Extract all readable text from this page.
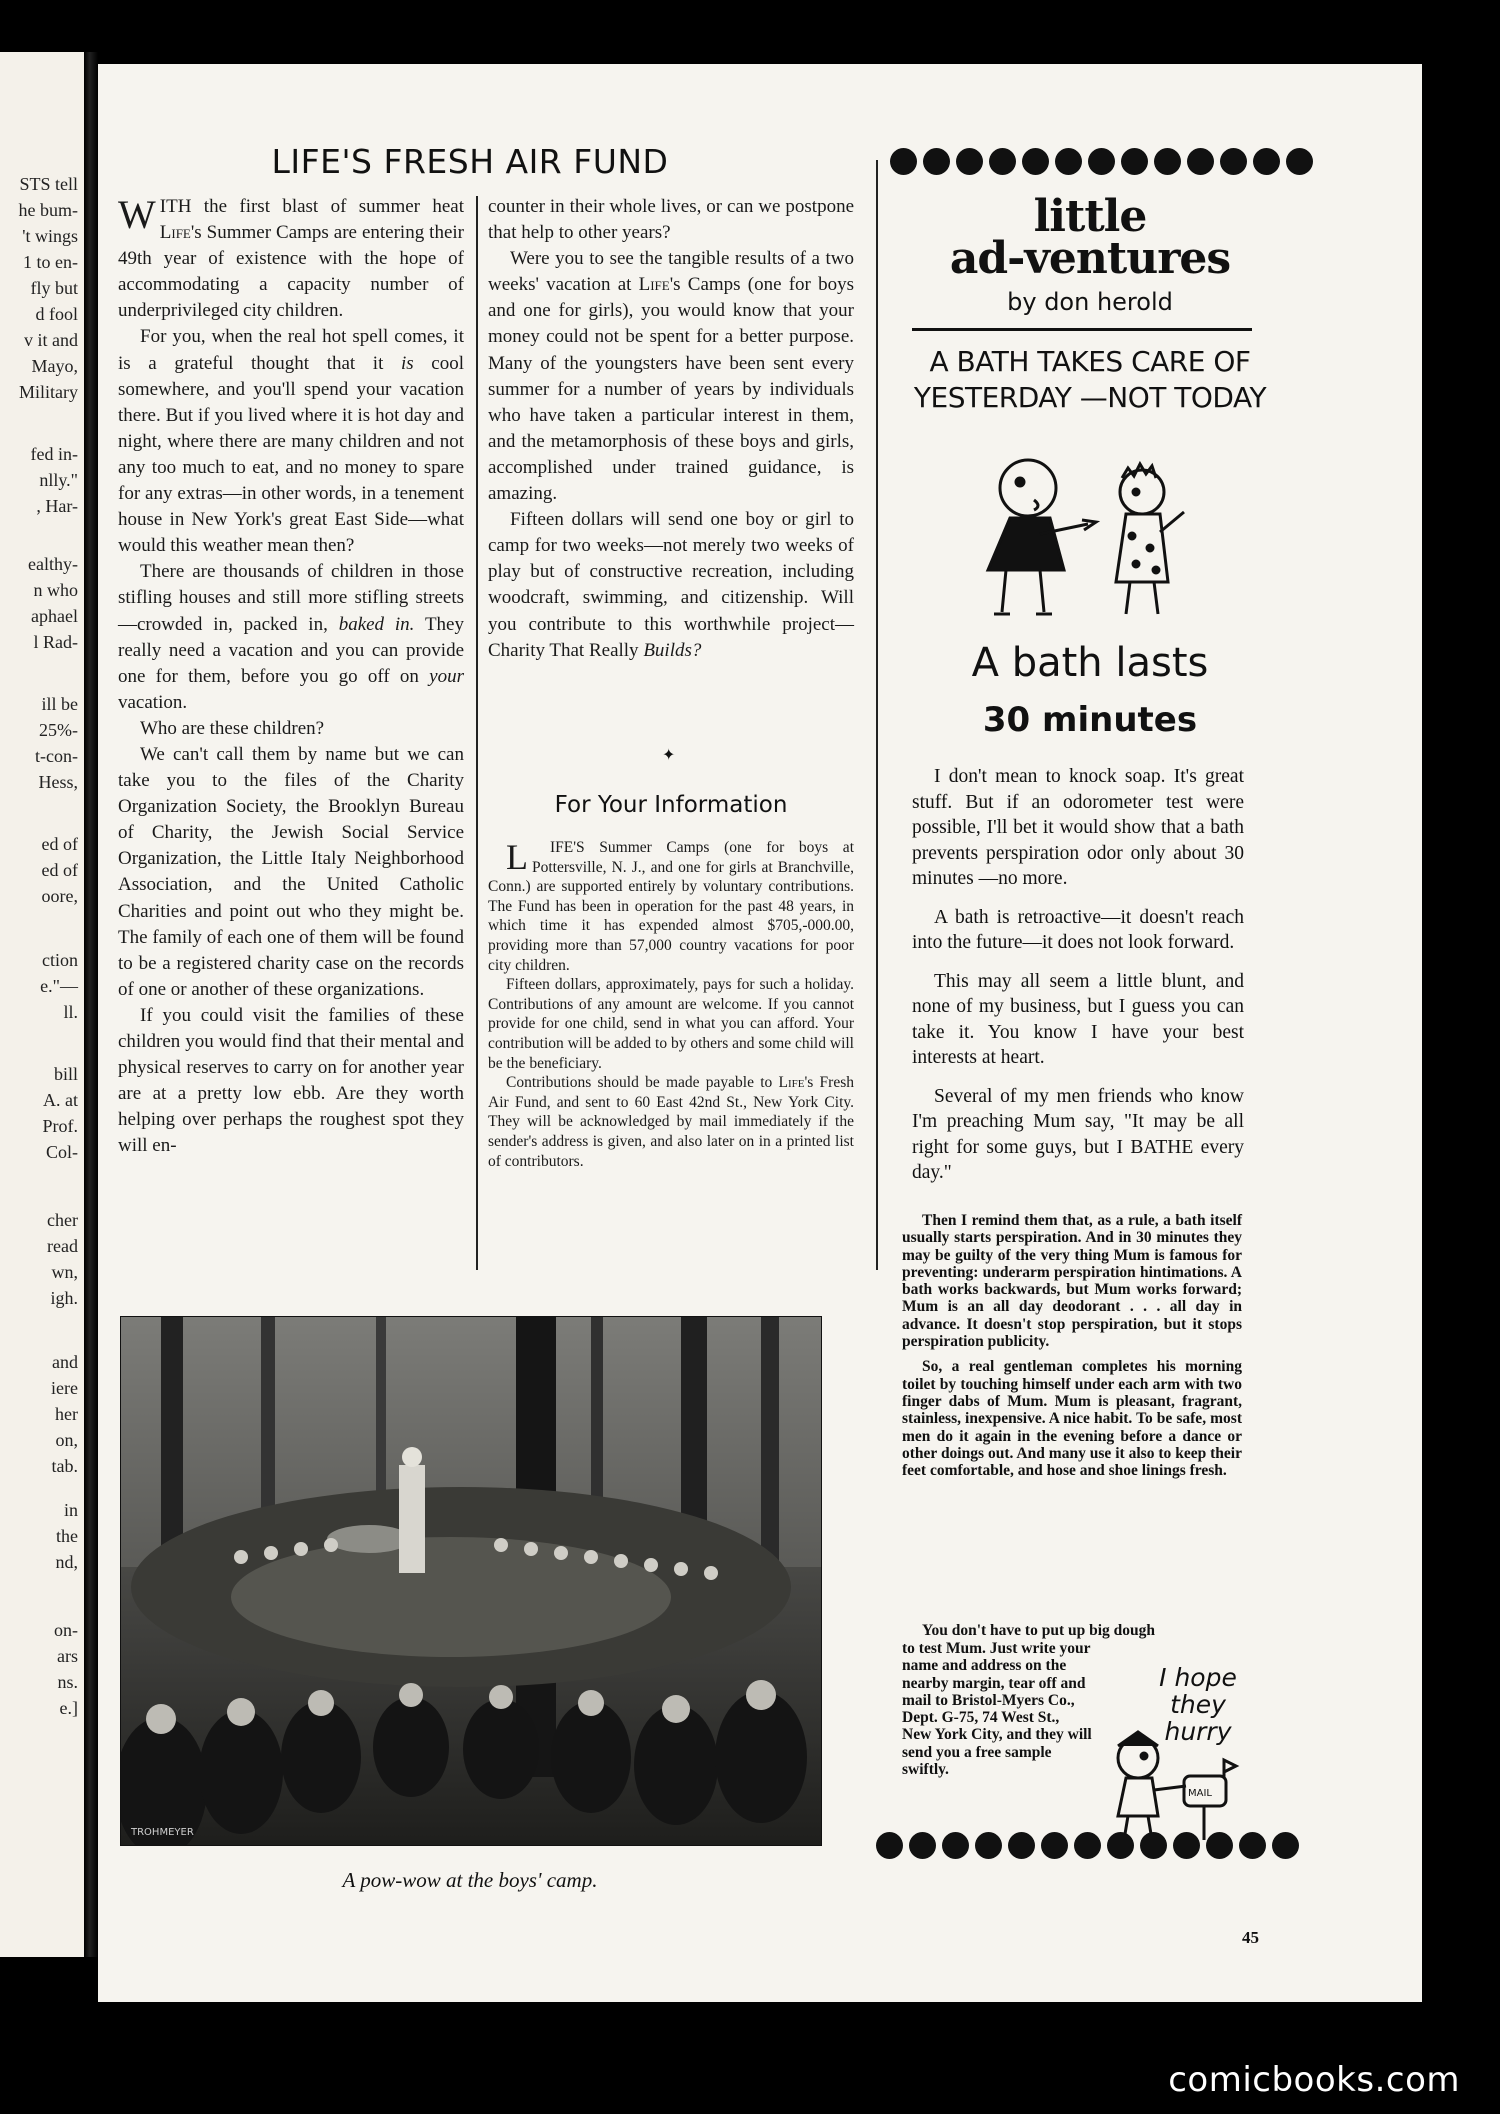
STS tell
he bum-
't wings
1 to en-
fly but
d fool
v it and
Mayo,
Military
fed in-
nlly."
, Har-
ealthy-
n who
aphael
l Rad-
ill be
25%-
t-con-
Hess,
ed of
ed of
oore,
ction
e."—
ll.
bill
A. at
Prof.
Col-
cher
read
wn,
igh.
and
iere
her
on,
tab.
in
the
nd,
on-
ars
ns.
e.]
LIFE'S FRESH AIR FUND

WITH the first blast of summer heat Life's Summer Camps are entering their 49th year of existence with the hope of accommodating a capacity number of underprivileged city children.

For you, when the real hot spell comes, it is a grateful thought that it is cool somewhere, and you'll spend your vacation there. But if you lived where it is hot day and night, where there are many children and not any too much to eat, and no money to spare for any extras—in other words, in a tenement house in New York's great East Side—what would this weather mean then?

There are thousands of children in those stifling houses and still more stifling streets—crowded in, packed in, baked in. They really need a vacation and you can provide one for them, before you go off on your vacation.

Who are these children?

We can't call them by name but we can take you to the files of the Charity Organization Society, the Brooklyn Bureau of Charity, the Jewish Social Service Organization, the Little Italy Neighborhood Association, and the United Catholic Charities and point out who they might be. The family of each one of them will be found to be a registered charity case on the records of one or another of these organizations.

If you could visit the families of these children you would find that their mental and physical reserves to carry on for another year are at a pretty low ebb. Are they worth helping over perhaps the roughest spot they will en-

counter in their whole lives, or can we postpone that help to other years?

Were you to see the tangible results of a two weeks' vacation at Life's Camps (one for boys and one for girls), you would know that your money could not be spent for a better purpose. Many of the youngsters have been sent every summer for a number of years by individuals who have taken a particular interest in them, and the metamorphosis of these boys and girls, accomplished under trained guidance, is amazing.

Fifteen dollars will send one boy or girl to camp for two weeks—not merely two weeks of play but of constructive recreation, including woodcraft, swimming, and citizenship. Will you contribute to this worthwhile project—Charity That Really Builds?

✦
For Your Information

L IFE'S Summer Camps (one for boys at Pottersville, N. J., and one for girls at Branchville, Conn.) are supported entirely by voluntary contributions. The Fund has been in operation for the past 48 years, in which time it has expended almost $705,-000.00, providing more than 57,000 country vacations for poor city children.

Fifteen dollars, approximately, pays for such a holiday. Contributions of any amount are welcome. If you cannot provide for one child, send in what you can afford. Your contribution will be added to by others and some child will be the beneficiary.

Contributions should be made payable to Life's Fresh Air Fund, and sent to 60 East 42nd St., New York City. They will be acknowledged by mail immediately if the sender's address is given, and also later on in a printed list of contributors.

TROHMEYER
A pow-wow at the boys' camp.
little
ad-ventures
by don herold
A BATH TAKES CARE OF YESTERDAY —NOT TODAY
A bath lasts
30 minutes

I don't mean to knock soap. It's great stuff. But if an odorometer test were possible, I'll bet it would show that a bath prevents perspiration odor only about 30 minutes —no more.

A bath is retroactive—it doesn't reach into the future—it does not look forward.

This may all seem a little blunt, and none of my business, but I guess you can take it. You know I have your best interests at heart.

Several of my men friends who know I'm preaching Mum say, "It may be all right for some guys, but I BATHE every day."

Then I remind them that, as a rule, a bath itself usually starts perspiration. And in 30 minutes they may be guilty of the very thing Mum is famous for preventing: underarm perspiration hintimations. A bath works backwards, but Mum works forward; Mum is an all day deodorant . . . all day in advance. It doesn't stop perspiration, but it stops perspiration publicity.

So, a real gentleman completes his morning toilet by touching himself under each arm with two finger dabs of Mum. Mum is pleasant, fragrant, stainless, inexpensive. A nice habit. To be safe, most men do it again in the evening before a dance or other doings out. And many use it also to keep their feet comfortable, and hose and shoe linings fresh.

You don't have to put up big dough
to test Mum. Just write your name and address on the nearby margin, tear off and mail to Bristol-Myers Co., Dept. G-75, 74 West St., New York City, and they will send you a free sample swiftly.
I hope they hurry
MAIL
45
comicbooks.com
